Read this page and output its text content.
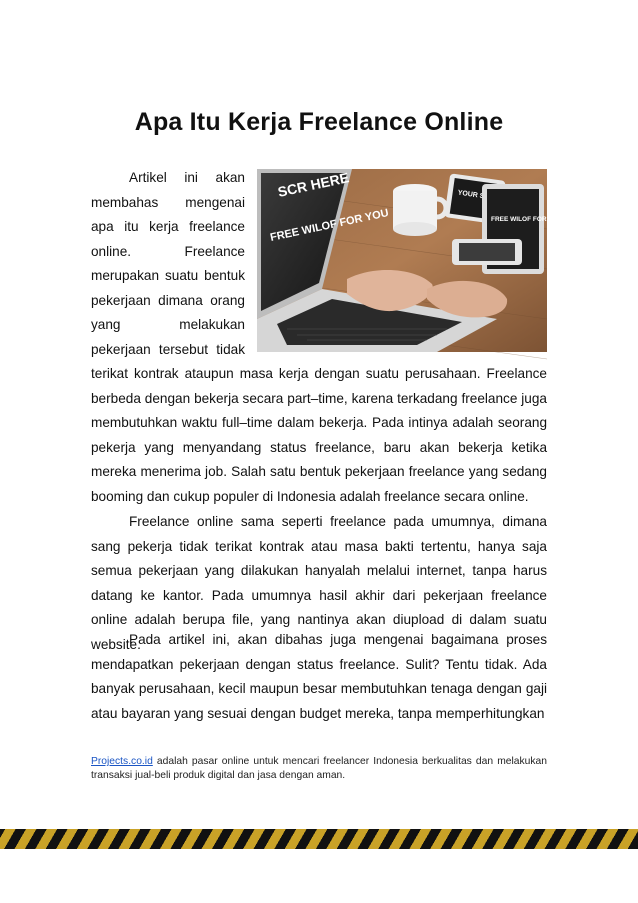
Apa Itu Kerja Freelance Online
SCR HERE
FREE WILOF FOR YOU
YOUR
FREE WILOF FOR YOU

Artikel ini akan membahas mengenai apa itu kerja freelance online. Freelance merupakan suatu bentuk pekerjaan dimana orang yang melakukan pekerjaan tersebut tidak terikat kontrak ataupun masa kerja dengan suatu perusahaan. Freelance berbeda dengan bekerja secara part–time, karena terkadang freelance juga membutuhkan waktu full–time dalam bekerja. Pada intinya adalah seorang pekerja yang menyandang status freelance, baru akan bekerja ketika mereka menerima job. Salah satu bentuk pekerjaan freelance yang sedang booming dan cukup populer di Indonesia adalah freelance secara online.

Freelance online sama seperti freelance pada umumnya, dimana sang pekerja tidak terikat kontrak atau masa bakti tertentu, hanya saja semua pekerjaan yang dilakukan hanyalah melalui internet, tanpa harus datang ke kantor. Pada umumnya hasil akhir dari pekerjaan freelance online adalah berupa file, yang nantinya akan diupload di dalam suatu website.

Pada artikel ini, akan dibahas juga mengenai bagaimana proses mendapatkan pekerjaan dengan status freelance. Sulit? Tentu tidak. Ada banyak perusahaan, kecil maupun besar membutuhkan tenaga dengan gaji atau bayaran yang sesuai dengan budget mereka, tanpa memperhitungkan

Projects.co.id adalah pasar online untuk mencari freelancer Indonesia berkualitas dan melakukan transaksi jual-beli produk digital dan jasa dengan aman.
